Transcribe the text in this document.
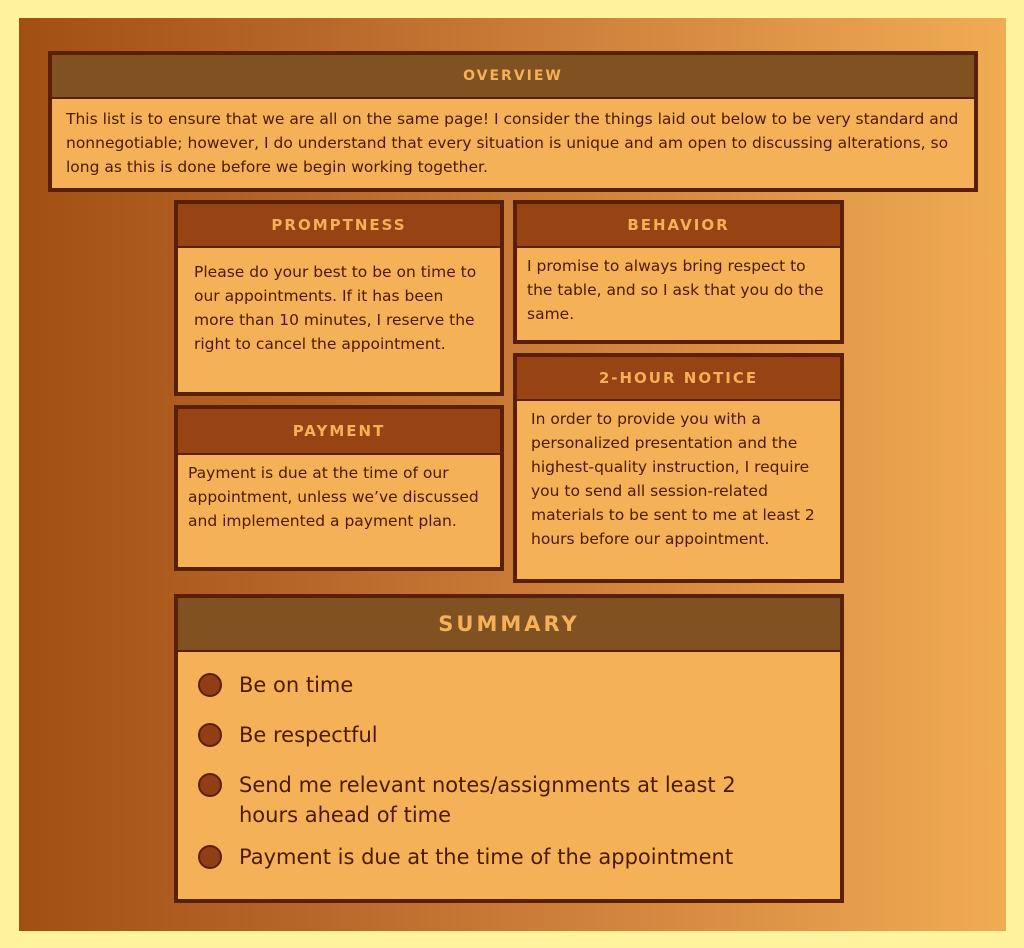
OVERVIEW
This list is to ensure that we are all on the same page! I consider the things laid out below to be very standard and nonnegotiable; however, I do understand that every situation is unique and am open to discussing alterations, so long as this is done before we begin working together.
PROMPTNESS
Please do your best to be on time to our appointments. If it has been more than 10 minutes, I reserve the right to cancel the appointment.
BEHAVIOR
I promise to always bring respect to the table, and so I ask that you do the same.
PAYMENT
Payment is due at the time of our appointment, unless we’ve discussed and implemented a payment plan.
2-HOUR NOTICE
In order to provide you with a personalized presentation and the highest-quality instruction, I require you to send all session-related materials to be sent to me at least 2 hours before our appointment.
SUMMARY
Be on time
Be respectful
Send me relevant notes/assignments at least 2 hours ahead of time
Payment is due at the time of the appointment
